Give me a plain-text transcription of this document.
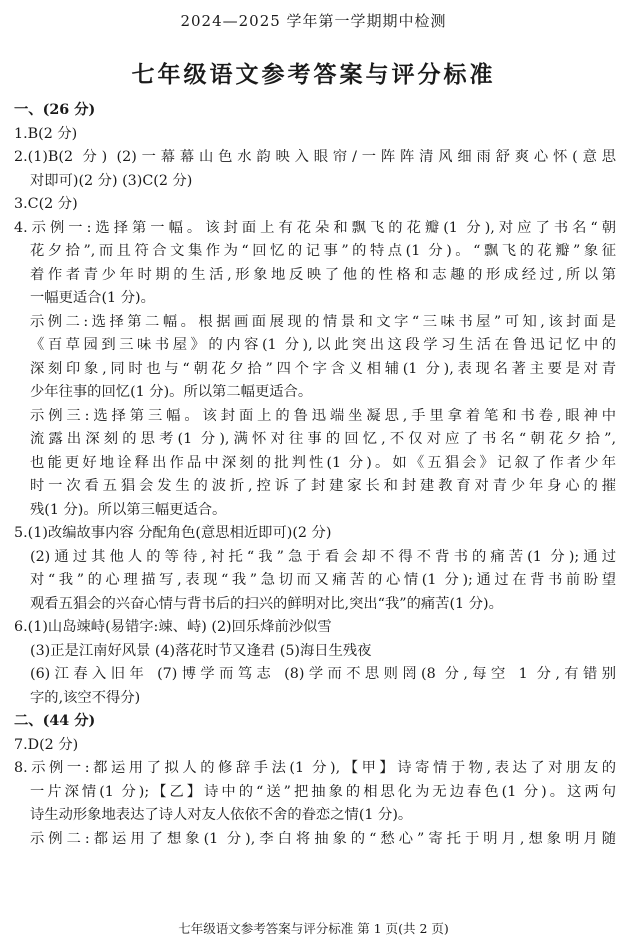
2024—2025 学年第一学期期中检测
七年级语文参考答案与评分标准
一、(26 分)
1.B(2 分)
2.(1)B(2 分) (2)一幕幕山色水韵映入眼帘/一阵阵清风细雨舒爽心怀(意思
对即可)(2 分) (3)C(2 分)
3.C(2 分)
4.示例一:选择第一幅。该封面上有花朵和飘飞的花瓣(1 分),对应了书名“朝
花夕拾”,而且符合文集作为“回忆的记事”的特点(1 分)。“飘飞的花瓣”象征
着作者青少年时期的生活,形象地反映了他的性格和志趣的形成经过,所以第
一幅更适合(1 分)。
示例二:选择第二幅。根据画面展现的情景和文字“三味书屋”可知,该封面是
《百草园到三味书屋》的内容(1 分),以此突出这段学习生活在鲁迅记忆中的
深刻印象,同时也与“朝花夕拾”四个字含义相辅(1 分),表现名著主要是对青
少年往事的回忆(1 分)。所以第二幅更适合。
示例三:选择第三幅。该封面上的鲁迅端坐凝思,手里拿着笔和书卷,眼神中
流露出深刻的思考(1 分),满怀对往事的回忆,不仅对应了书名“朝花夕拾”,
也能更好地诠释出作品中深刻的批判性(1 分)。如《五猖会》记叙了作者少年
时一次看五猖会发生的波折,控诉了封建家长和封建教育对青少年身心的摧
残(1 分)。所以第三幅更适合。
5.(1)改编故事内容 分配角色(意思相近即可)(2 分)
(2)通过其他人的等待,衬托“我”急于看会却不得不背书的痛苦(1 分);通过
对“我”的心理描写,表现“我”急切而又痛苦的心情(1 分);通过在背书前盼望
观看五猖会的兴奋心情与背书后的扫兴的鲜明对比,突出“我”的痛苦(1 分)。
6.(1)山岛竦峙(易错字:竦、峙) (2)回乐烽前沙似雪
(3)正是江南好风景 (4)落花时节又逢君 (5)海日生残夜
(6)江春入旧年 (7)博学而笃志 (8)学而不思则罔(8 分,每空 1 分,有错别
字的,该空不得分)
二、(44 分)
7.D(2 分)
8.示例一:都运用了拟人的修辞手法(1 分),【甲】诗寄情于物,表达了对朋友的
一片深情(1 分);【乙】诗中的“送”把抽象的相思化为无边春色(1 分)。这两句
诗生动形象地表达了诗人对友人依依不舍的眷恋之情(1 分)。
示例二:都运用了想象(1 分),李白将抽象的“愁心”寄托于明月,想象明月随
七年级语文参考答案与评分标准 第 1 页(共 2 页)
